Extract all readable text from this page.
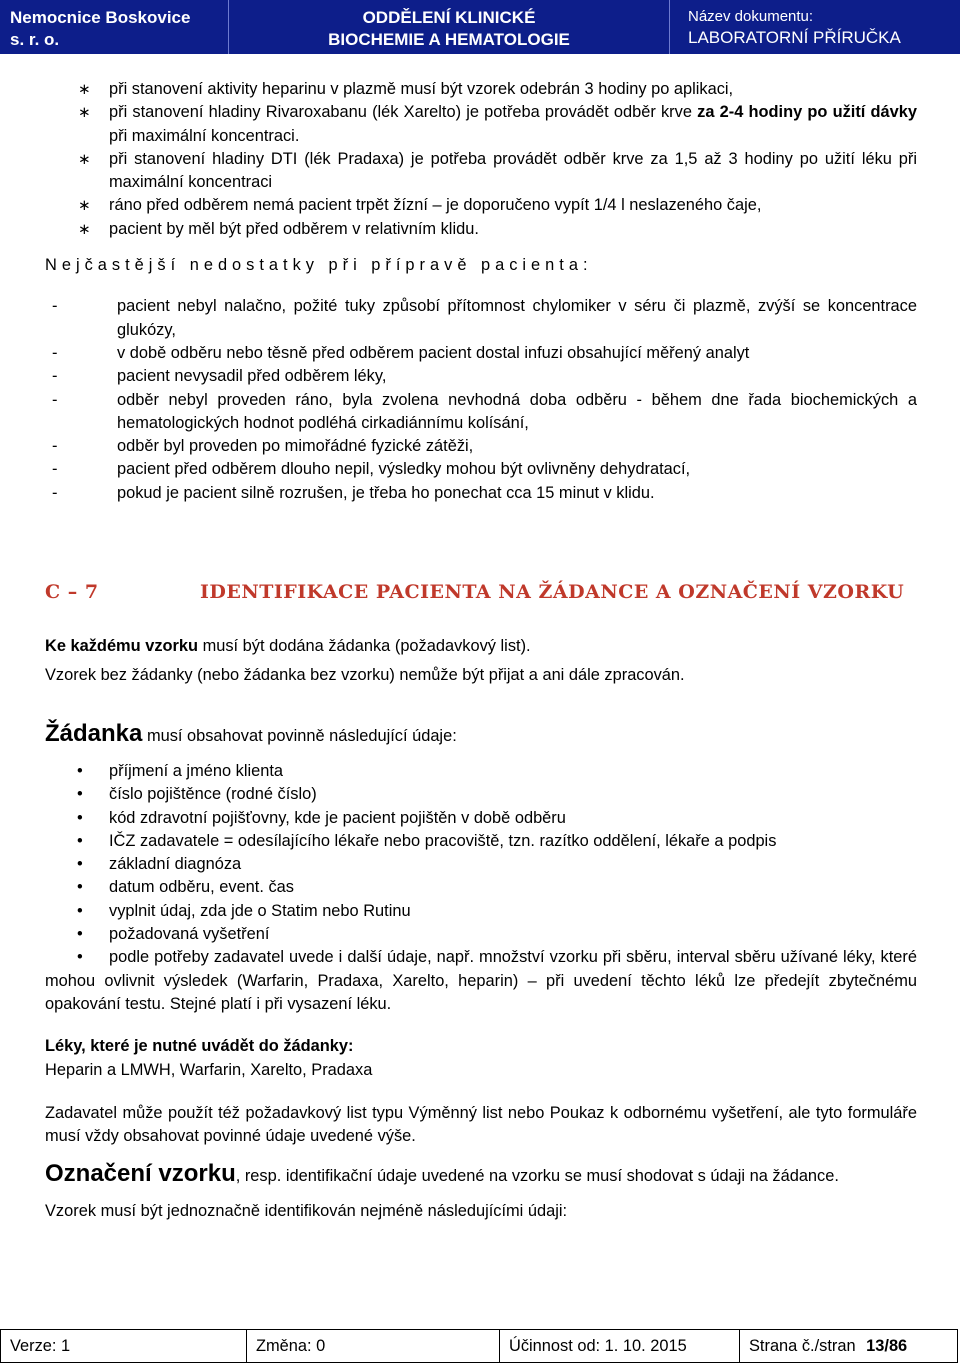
Nemocnice Boskovice
s. r. o.
ODDĚLENÍ KLINICKÉ
BIOCHEMIE A HEMATOLOGIE
Název dokumentu:
LABORATORNÍ PŘÍRUČKA
∗ při stanovení aktivity heparinu v plazmě musí být vzorek odebrán 3 hodiny po aplikaci,
∗ při stanovení hladiny Rivaroxabanu (lék Xarelto) je potřeba provádět odběr krve za 2-4 hodiny po užití dávky při maximální koncentraci.
∗ při stanovení hladiny DTI (lék Pradaxa) je potřeba provádět odběr krve za 1,5 až 3 hodiny po užití léku při maximální koncentraci
∗ ráno před odběrem nemá pacient trpět žízní – je doporučeno vypít 1/4 l neslazeného čaje,
∗ pacient by měl být před odběrem v relativním klidu.
Nejčastější nedostatky při přípravě pacienta:
-	pacient nebyl nalačno, požité tuky způsobí přítomnost chylomiker v séru či plazmě, zvýší se koncentrace glukózy,
-	v době odběru nebo těsně před odběrem pacient dostal infuzi obsahující měřený analyt
-	pacient nevysadil před odběrem léky,
-	odběr nebyl proveden ráno, byla zvolena nevhodná doba odběru - během dne řada biochemických a hematologických hodnot podléhá cirkadiánnímu kolísání,
-	odběr byl proveden po mimořádné fyzické zátěži,
-	pacient před odběrem dlouho nepil, výsledky mohou být ovlivněny dehydratací,
-	pokud je pacient silně rozrušen, je třeba ho ponechat cca 15 minut v klidu.
C – 7	IDENTIFIKACE PACIENTA NA ŽÁDANCE A OZNAČENÍ VZORKU
Ke každému vzorku musí být dodána žádanka (požadavkový list).
Vzorek bez žádanky (nebo žádanka bez vzorku) nemůže být přijat a ani dále zpracován.
Žádanka musí obsahovat povinně následující údaje:
• příjmení a jméno klienta
• číslo pojištěnce (rodné číslo)
• kód zdravotní pojišťovny, kde je pacient pojištěn v době odběru
• IČZ zadavatele = odesílajícího lékaře nebo pracoviště, tzn. razítko oddělení, lékaře a podpis
• základní diagnóza
• datum odběru, event. čas
• vyplnit údaj, zda jde o Statim nebo Rutinu
• požadovaná vyšetření
• podle potřeby zadavatel uvede i další údaje, např. množství vzorku při sběru, interval sběru užívané léky, které mohou ovlivnit výsledek (Warfarin, Pradaxa, Xarelto, heparin) – při uvedení těchto léků lze předejít zbytečnému opakování testu. Stejné platí i při vysazení léku.
Léky, které je nutné uvádět do žádanky:
Heparin a LMWH, Warfarin, Xarelto, Pradaxa
Zadavatel může použít též požadavkový list typu Výměnný list nebo Poukaz k odbornému vyšetření, ale tyto formuláře musí vždy obsahovat povinné údaje uvedené výše.
Označení vzorku, resp. identifikační údaje uvedené na vzorku se musí shodovat s údaji na žádance.
Vzorek musí být jednoznačně identifikován nejméně následujícími údaji:
Verze: 1	Změna: 0	Účinnost od: 1. 10. 2015	Strana č./stran 13/86
